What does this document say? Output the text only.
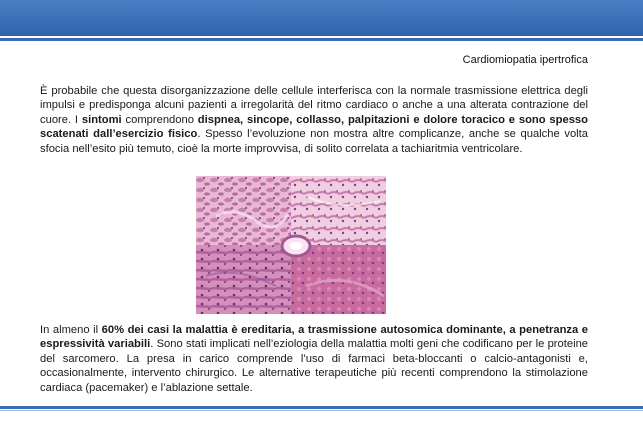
Cardiomiopatia ipertrofica

È probabile che questa disorganizzazione delle cellule interferisca con la normale trasmissione elettrica degli impulsi e predisponga alcuni pazienti a irregolarità del ritmo cardiaco o anche a una alterata contrazione del cuore. I sintomi comprendono dispnea, sincope, collasso, palpitazioni e dolore toracico e sono spesso scatenati dall’esercizio fisico. Spesso l’evoluzione non mostra altre complicanze, anche se qualche volta sfocia nell’esito più temuto, cioè la morte improvvisa, di solito correlata a tachiaritmia ventricolare.

In almeno il 60% dei casi la malattia è ereditaria, a trasmissione autosomica dominante, a penetranza e espressività variabili. Sono stati implicati nell’eziologia della malattia molti geni che codificano per le proteine del sarcomero. La presa in carico comprende l’uso di farmaci beta-bloccanti o calcio-antagonisti e, occasionalmente, intervento chirurgico. Le alternative terapeutiche più recenti comprendono la stimolazione cardiaca (pacemaker) e l’ablazione settale.
